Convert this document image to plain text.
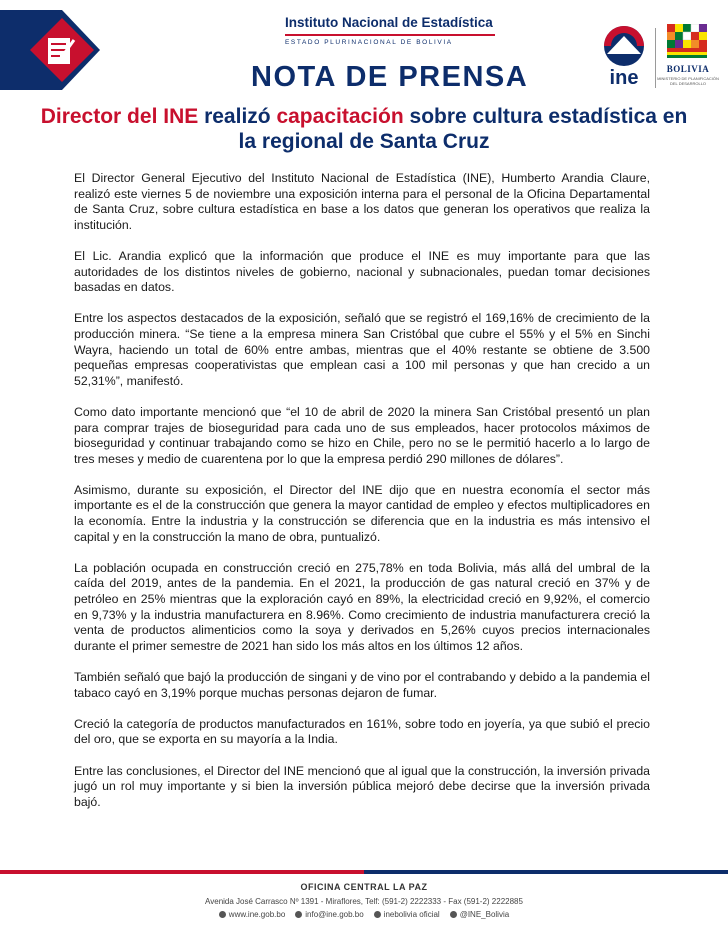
Instituto Nacional de Estadística
ESTADO PLURINACIONAL DE BOLIVIA
NOTA DE PRENSA	ine	BOLIVIA
MINISTERIO DE PLANIFICACIÓN DEL DESARROLLO
Director del INE realizó capacitación sobre cultura estadística en la regional de Santa Cruz

El Director General Ejecutivo del Instituto Nacional de Estadística (INE), Humberto Arandia Claure, realizó este viernes 5 de noviembre una exposición interna para el personal de la Oficina Departamental de Santa Cruz, sobre cultura estadística en base a los datos que generan los operativos que realiza la institución.

El Lic. Arandia explicó que la información que produce el INE es muy importante para que las autoridades de los distintos niveles de gobierno, nacional y subnacionales, puedan tomar decisiones basadas en datos.

Entre los aspectos destacados de la exposición, señaló que se registró el 169,16% de crecimiento de la producción minera. “Se tiene a la empresa minera San Cristóbal que cubre el 55% y el 5% en Sinchi Wayra, haciendo un total de 60% entre ambas, mientras que el 40% restante se obtiene de 3.500 pequeñas empresas cooperativistas que emplean casi a 100 mil personas y que han crecido a un 52,31%”, manifestó.

Como dato importante mencionó que “el 10 de abril de 2020 la minera San Cristóbal presentó un plan para comprar trajes de bioseguridad para cada uno de sus empleados, hacer protocolos máximos de bioseguridad y continuar trabajando como se hizo en Chile, pero no se le permitió hacerlo a lo largo de tres meses y medio de cuarentena por lo que la empresa perdió 290 millones de dólares”.

Asimismo, durante su exposición, el Director del INE dijo que en nuestra economía el sector más importante es el de la construcción que genera la mayor cantidad de empleo y efectos multiplicadores en la economía. Entre la industria y la construcción se diferencia que en la industria es más intensivo el capital y en la construcción la mano de obra, puntualizó.

La población ocupada en construcción creció en 275,78% en toda Bolivia, más allá del umbral de la caída del 2019, antes de la pandemia. En el 2021, la producción de gas natural creció en 37% y de petróleo en 25% mientras que la exploración cayó en 89%, la electricidad creció en 9,92%, el comercio en 9,73% y la industria manufacturera en 8.96%. Como crecimiento de industria manufacturera creció la venta de productos alimenticios como la soya y derivados en 5,26% cuyos precios internacionales durante el primer semestre de 2021 han sido los más altos en los últimos 12 años.

También señaló que bajó la producción de singani y de vino por el contrabando y debido a la pandemia el tabaco cayó en 3,19% porque muchas personas dejaron de fumar.

Creció la categoría de productos manufacturados en 161%, sobre todo en joyería, ya que subió el precio del oro, que se exporta en su mayoría a la India.

Entre las conclusiones, el Director del INE mencionó que al igual que la construcción, la inversión privada jugó un rol muy importante y si bien la inversión pública mejoró debe decirse que la inversión privada bajó.

OFICINA CENTRAL LA PAZ
Avenida José Carrasco Nº 1391 - Miraflores, Telf: (591-2) 2222333 - Fax (591-2) 2222885
www.ine.gob.bo	info@ine.gob.bo	inebolivia oficial	@INE_Bolivia
